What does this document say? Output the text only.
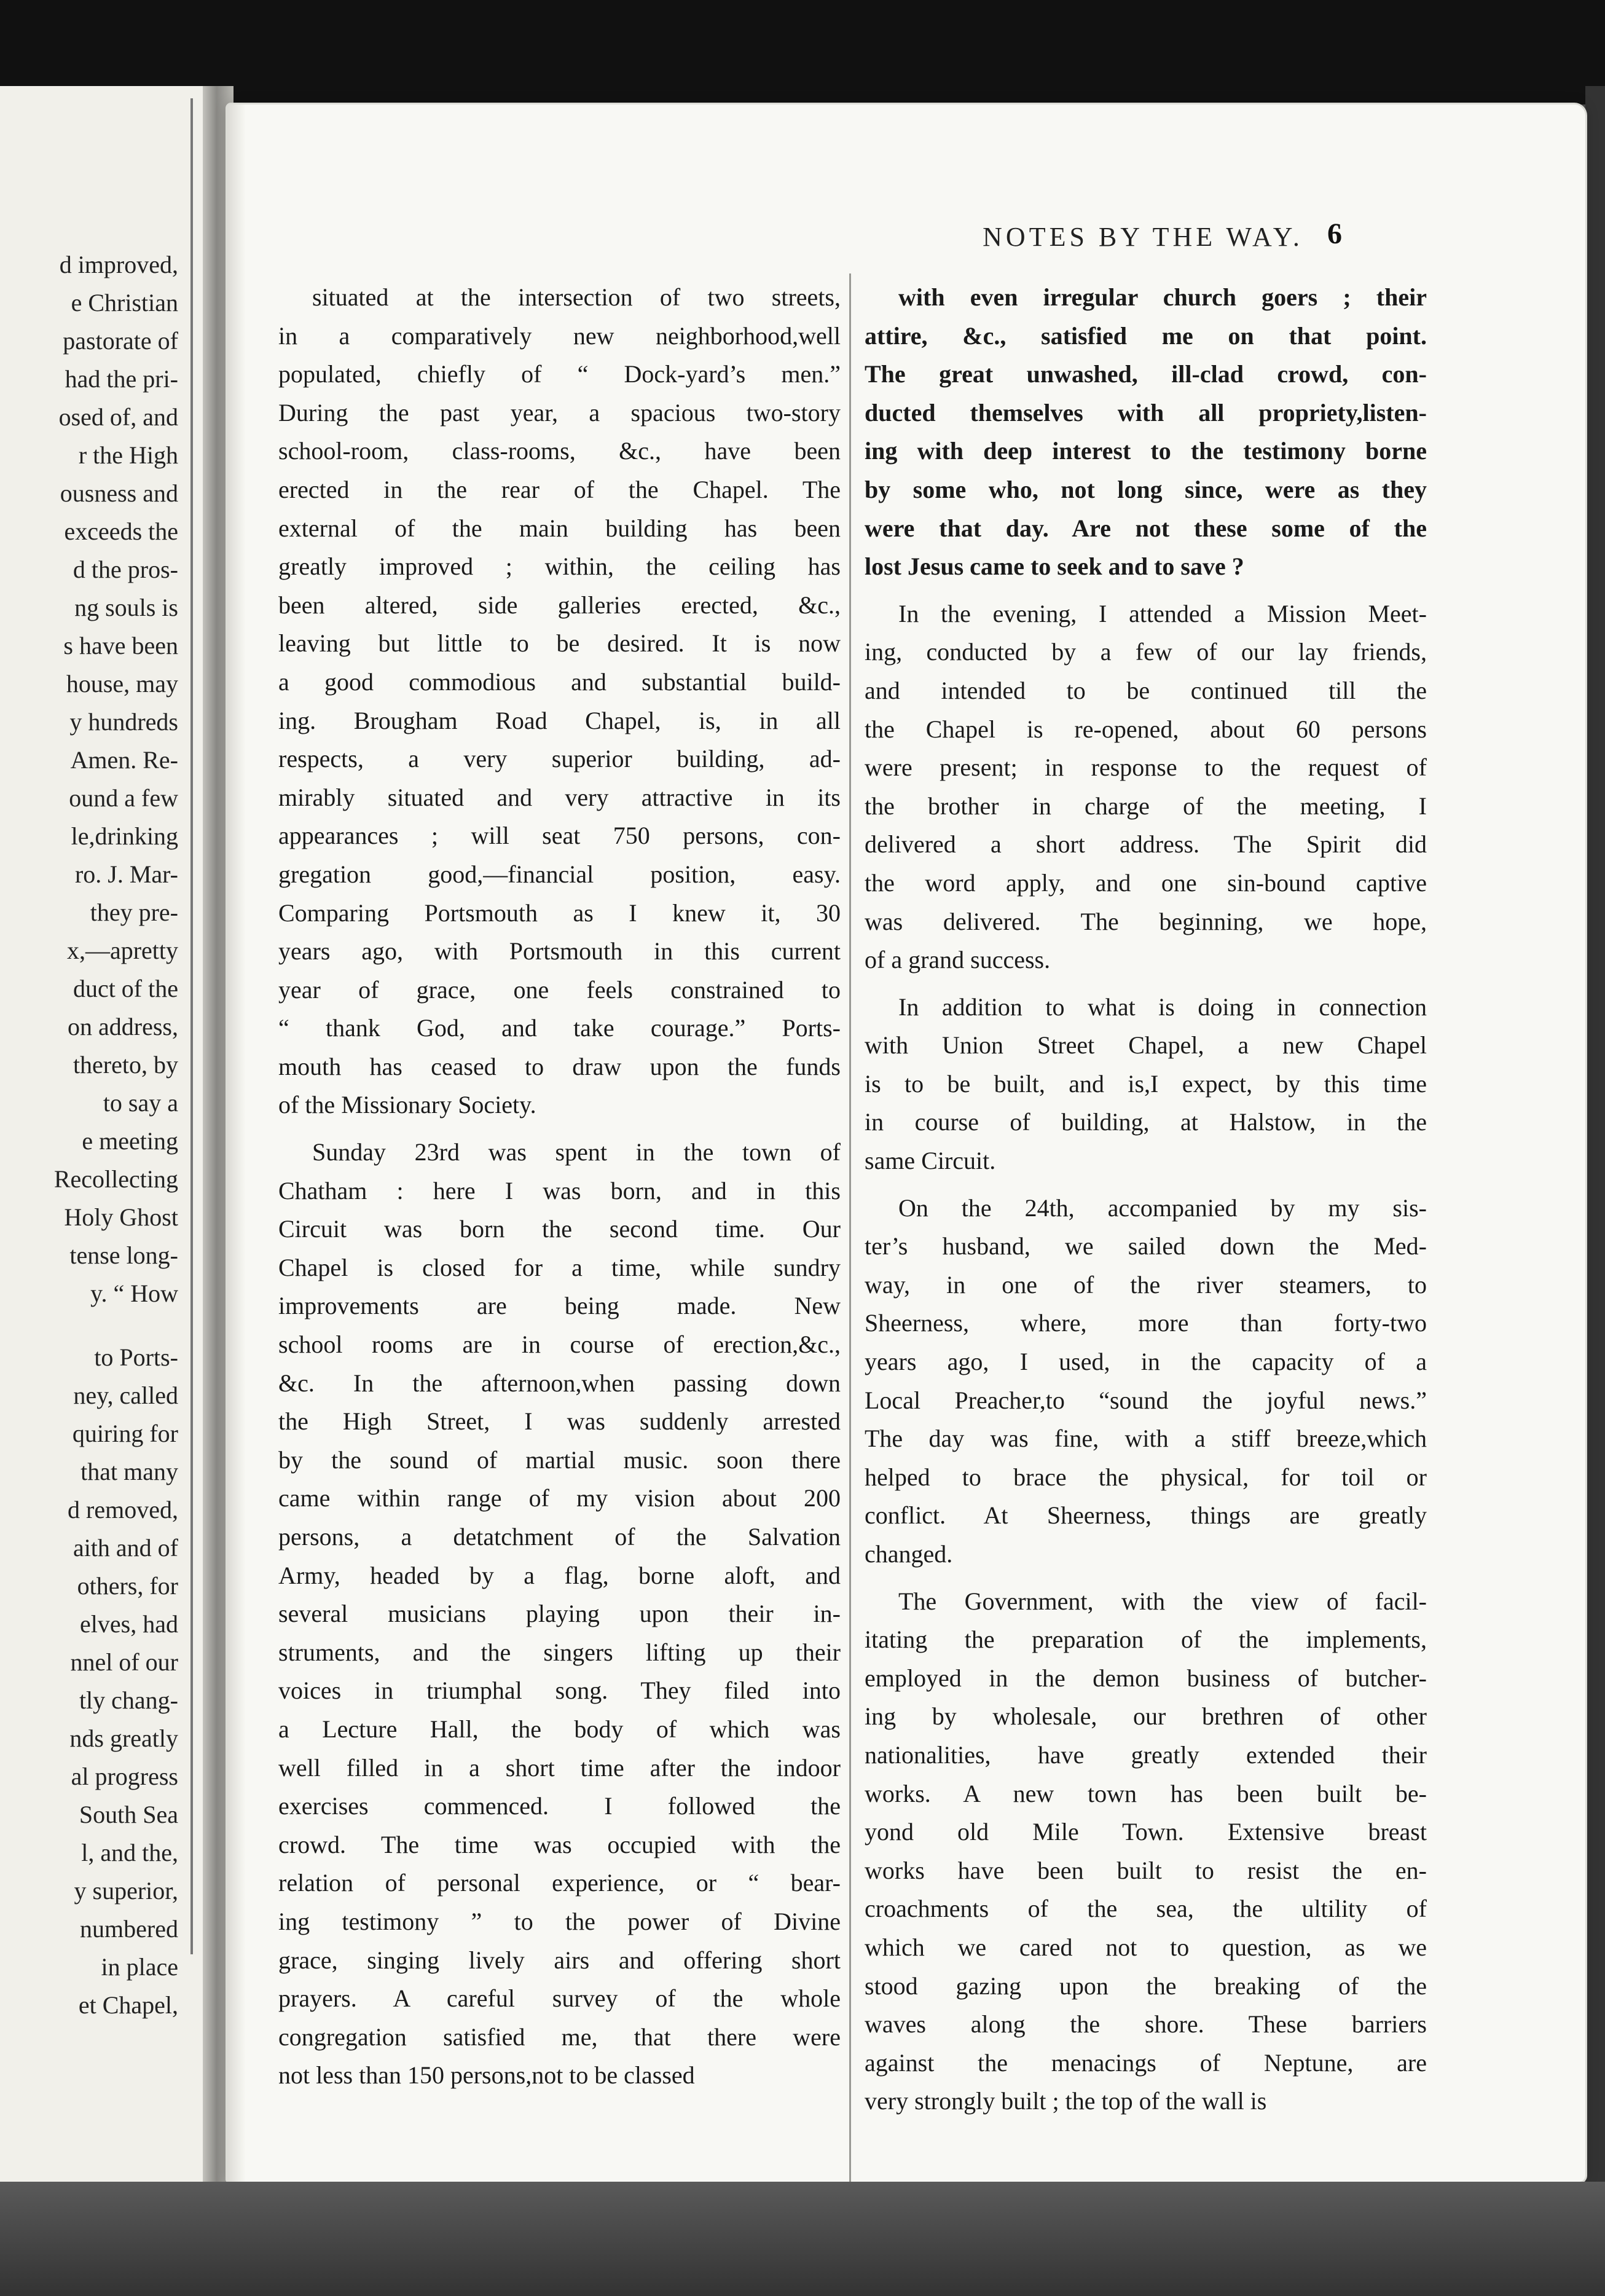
d improved,
e Christian
pastorate of
had the pri-
osed of, and
r the High
ousness and
exceeds the
d the pros-
ng souls is
s have been
house, may
y hundreds
Amen. Re-
ound a few
le,drinking
ro. J. Mar-
they pre-
x,—apretty
duct of the
on address,
thereto, by
to say a
e meeting
Recollecting
Holy Ghost
tense long-
y. “ How
to Ports-
ney, called
quiring for
that many
d removed,
aith and of
others, for
elves, had
nnel of our
tly chang-
nds greatly
al progress
South Sea
l, and the,
y superior,
numbered
in place
et Chapel,
NOTES BY THE WAY. 6
situated at the intersection of two streets,
in a comparatively new neighborhood,well
populated, chiefly of “ Dock-yard’s men.”
During the past year, a spacious two-story
school-room, class-rooms, &c., have been
erected in the rear of the Chapel. The
external of the main building has been
greatly improved ; within, the ceiling has
been altered, side galleries erected, &c.,
leaving but little to be desired. It is now
a good commodious and substantial build-
ing. Brougham Road Chapel, is, in all
respects, a very superior building, ad-
mirably situated and very attractive in its
appearances ; will seat 750 persons, con-
gregation good,—financial position, easy.
Comparing Portsmouth as I knew it, 30
years ago, with Portsmouth in this current
year of grace, one feels constrained to
“ thank God, and take courage.” Ports-
mouth has ceased to draw upon the funds
of the Missionary Society.
Sunday 23rd was spent in the town of
Chatham : here I was born, and in this
Circuit was born the second time. Our
Chapel is closed for a time, while sundry
improvements are being made. New
school rooms are in course of erection,&c.,
&c. In the afternoon,when passing down
the High Street, I was suddenly arrested
by the sound of martial music. soon there
came within range of my vision about 200
persons, a detatchment of the Salvation
Army, headed by a flag, borne aloft, and
several musicians playing upon their in-
struments, and the singers lifting up their
voices in triumphal song. They filed into
a Lecture Hall, the body of which was
well filled in a short time after the indoor
exercises commenced. I followed the
crowd. The time was occupied with the
relation of personal experience, or “ bear-
ing testimony ” to the power of Divine
grace, singing lively airs and offering short
prayers. A careful survey of the whole
congregation satisfied me, that there were
not less than 150 persons,not to be classed
with even irregular church goers ; their
attire, &c., satisfied me on that point.
The great unwashed, ill-clad crowd, con-
ducted themselves with all propriety,listen-
ing with deep interest to the testimony borne
by some who, not long since, were as they
were that day. Are not these some of the
lost Jesus came to seek and to save ?
In the evening, I attended a Mission Meet-
ing, conducted by a few of our lay friends,
and intended to be continued till the
the Chapel is re-opened, about 60 persons
were present; in response to the request of
the brother in charge of the meeting, I
delivered a short address. The Spirit did
the word apply, and one sin-bound captive
was delivered. The beginning, we hope,
of a grand success.
In addition to what is doing in connection
with Union Street Chapel, a new Chapel
is to be built, and is,I expect, by this time
in course of building, at Halstow, in the
same Circuit.
On the 24th, accompanied by my sis-
ter’s husband, we sailed down the Med-
way, in one of the river steamers, to
Sheerness, where, more than forty-two
years ago, I used, in the capacity of a
Local Preacher,to “sound the joyful news.”
The day was fine, with a stiff breeze,which
helped to brace the physical, for toil or
conflict. At Sheerness, things are greatly
changed.
The Government, with the view of facil-
itating the preparation of the implements,
employed in the demon business of butcher-
ing by wholesale, our brethren of other
nationalities, have greatly extended their
works. A new town has been built be-
yond old Mile Town. Extensive breast
works have been built to resist the en-
croachments of the sea, the ultility of
which we cared not to question, as we
stood gazing upon the breaking of the
waves along the shore. These barriers
against the menacings of Neptune, are
very strongly built ; the top of the wall is
